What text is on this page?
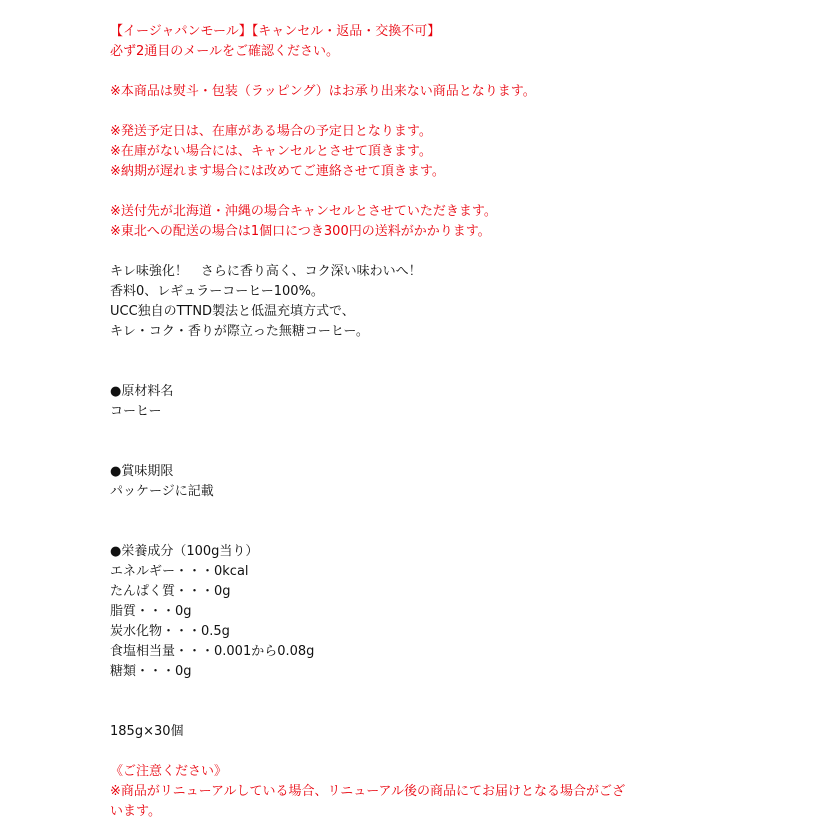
【イージャパンモール】【キャンセル・返品・交換不可】
必ず2通目のメールをご確認ください。
※本商品は熨斗・包装（ラッピング）はお承り出来ない商品となります。
※発送予定日は、在庫がある場合の予定日となります。
※在庫がない場合には、キャンセルとさせて頂きます。
※納期が遅れます場合には改めてご連絡させて頂きます。
※送付先が北海道・沖縄の場合キャンセルとさせていただきます。
※東北への配送の場合は1個口につき300円の送料がかかります。
キレ味強化！　さらに香り高く、コク深い味わいへ！
香料0、レギュラーコーヒー100%。
UCC独自のTTND製法と低温充填方式で、
キレ・コク・香りが際立った無糖コーヒー。
●原材料名
コーヒー
●賞味期限
パッケージに記載
●栄養成分（100g当り）
エネルギー・・・0kcal
たんぱく質・・・0g
脂質・・・0g
炭水化物・・・0.5g
食塩相当量・・・0.001から0.08g
糖類・・・0g
185g×30個
《ご注意ください》
※商品がリニューアルしている場合、リニューアル後の商品にてお届けとなる場合がござ
います。
